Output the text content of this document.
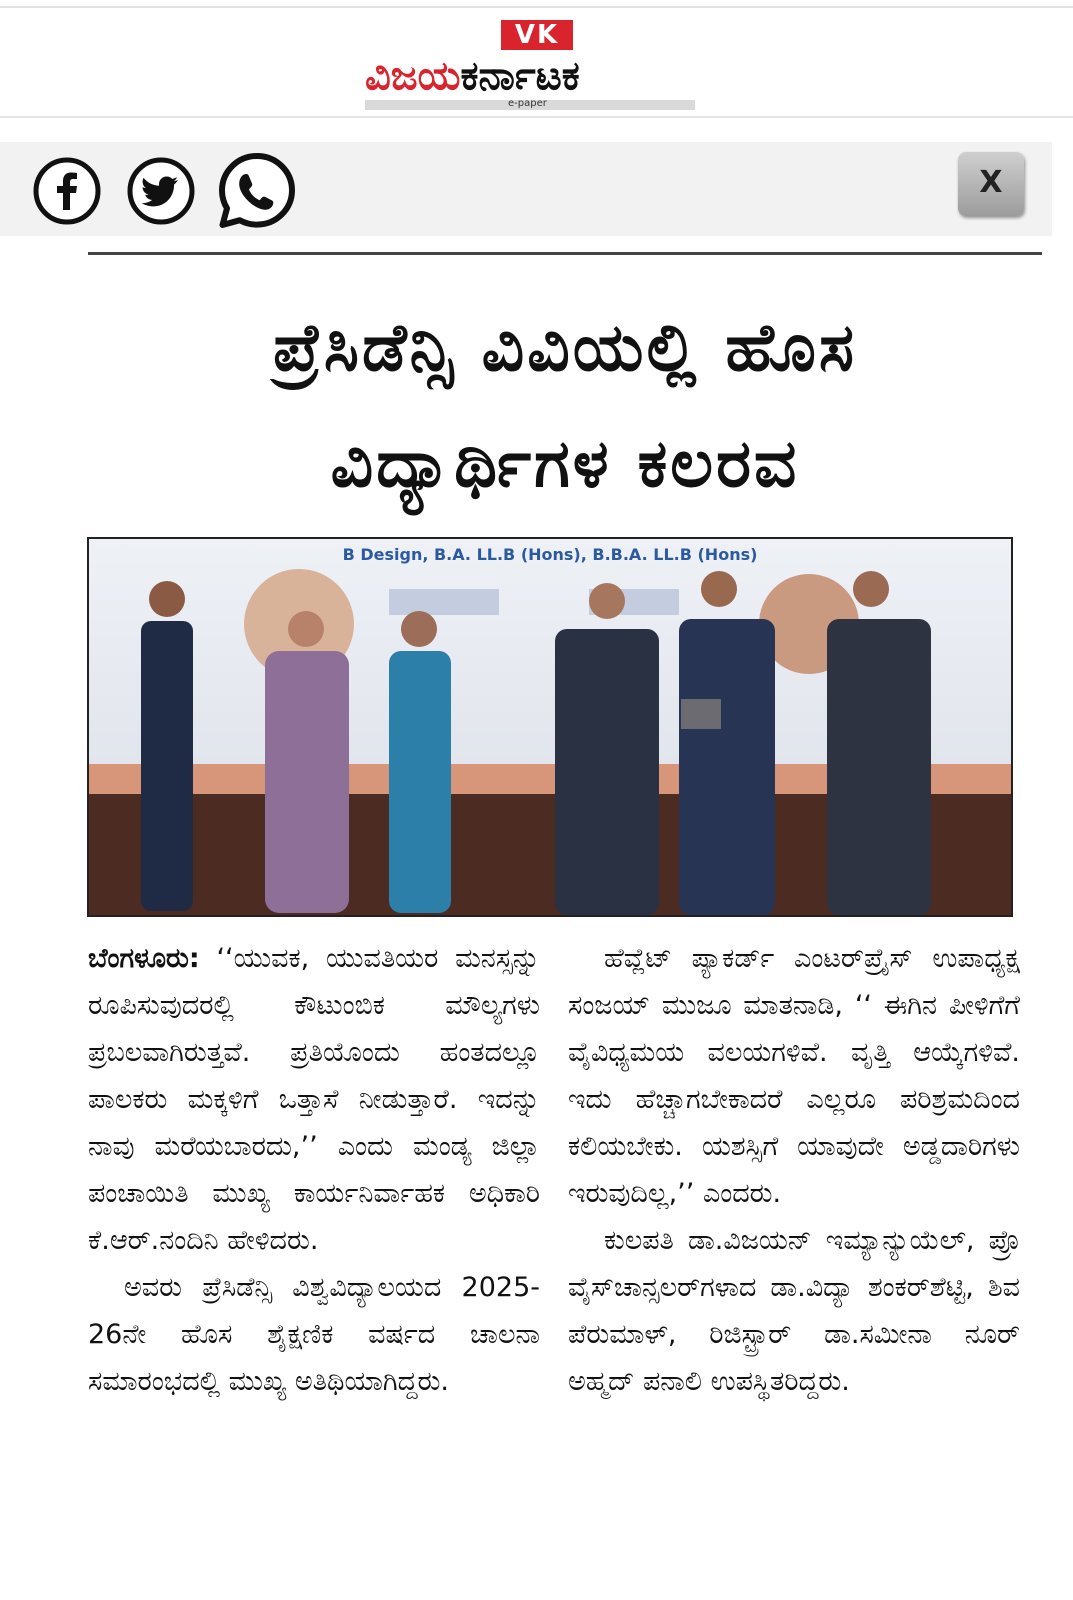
VK
ವಿಜಯಕರ್ನಾಟಕ
e-paper
X
ಪ್ರೆಸಿಡೆನ್ಸಿ ವಿವಿಯಲ್ಲಿ ಹೊಸ
ವಿದ್ಯಾರ್ಥಿಗಳ ಕಲರವ
B Design, B.A. LL.B (Hons), B.B.A. LL.B (Hons)

ಬೆಂಗಳೂರು: ‘‘ಯುವಕ, ಯುವತಿಯರ ಮನಸ್ಸನ್ನು ರೂಪಿಸುವುದರಲ್ಲಿ ಕೌಟುಂಬಿಕ ಮೌಲ್ಯಗಳು ಪ್ರಬಲವಾಗಿರುತ್ತವೆ. ಪ್ರತಿಯೊಂದು ಹಂತದಲ್ಲೂ ಪಾಲಕರು ಮಕ್ಕಳಿಗೆ ಒತ್ತಾಸೆ ನೀಡುತ್ತಾರೆ. ಇದನ್ನು ನಾವು ಮರೆಯಬಾರದು,’’ ಎಂದು ಮಂಡ್ಯ ಜಿಲ್ಲಾ ಪಂಚಾಯಿತಿ ಮುಖ್ಯ ಕಾರ್ಯನಿರ್ವಾಹಕ ಅಧಿಕಾರಿ ಕೆ.ಆರ್.ನಂದಿನಿ ಹೇಳಿದರು.

ಅವರು ಪ್ರೆಸಿಡೆನ್ಸಿ ವಿಶ್ವವಿದ್ಯಾಲಯದ 2025-26ನೇ ಹೊಸ ಶೈಕ್ಷಣಿಕ ವರ್ಷದ ಚಾಲನಾ ಸಮಾರಂಭದಲ್ಲಿ ಮುಖ್ಯ ಅತಿಥಿಯಾಗಿದ್ದರು.

ಹೆವ್ಲೆಟ್ ಪ್ಯಾಕರ್ಡ್ ಎಂಟರ್‌ಪ್ರೈಸ್ ಉಪಾಧ್ಯಕ್ಷ ಸಂಜಯ್ ಮುಜೂ ಮಾತನಾಡಿ, ‘‘ ಈಗಿನ ಪೀಳಿಗೆಗೆ ವೈವಿಧ್ಯಮಯ ವಲಯಗಳಿವೆ. ವೃತ್ತಿ ಆಯ್ಕೆಗಳಿವೆ. ಇದು ಹೆಚ್ಚಾಗಬೇಕಾದರೆ ಎಲ್ಲರೂ ಪರಿಶ್ರಮದಿಂದ ಕಲಿಯಬೇಕು. ಯಶಸ್ಸಿಗೆ ಯಾವುದೇ ಅಡ್ಡದಾರಿಗಳು ಇರುವುದಿಲ್ಲ,’’ ಎಂದರು.

ಕುಲಪತಿ ಡಾ.ವಿಜಯನ್ ಇಮ್ಯಾನ್ಯುಯೆಲ್, ಪ್ರೊ ವೈಸ್‌ಚಾನ್ಸಲರ್‌ಗಳಾದ ಡಾ.ವಿದ್ಯಾ ಶಂಕರ್‌ಶೆಟ್ಟಿ, ಶಿವ ಪೆರುಮಾಳ್, ರಿಜಿಸ್ಟ್ರಾರ್ ಡಾ.ಸಮೀನಾ ನೂರ್ ಅಹ್ಮದ್ ಪನಾಲಿ ಉಪಸ್ಥಿತರಿದ್ದರು.
